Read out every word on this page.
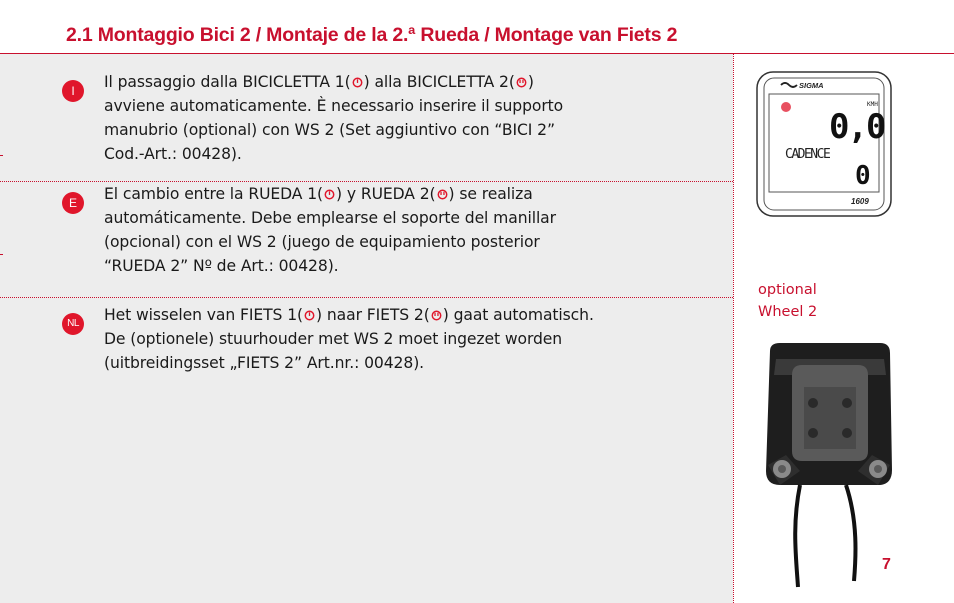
2.1 Montaggio Bici 2 / Montaje de la 2.ª Rueda / Montage van Fiets 2
I	Il passaggio dalla BICICLETTA 1( ) alla BICICLETTA 2( )
avviene automaticamente. È necessario inserire il supporto
manubrio (optional) con WS 2 (Set aggiuntivo con “BICI 2”
Cod.-Art.: 00428).

E	El cambio entre la RUEDA 1( ) y RUEDA 2( ) se realiza
automáticamente. Debe emplearse el soporte del manillar
(opcional) con el WS 2 (juego de equipamiento posterior
“RUEDA 2” Nº de Art.: 00428).

NL	Het wisselen van FIETS 1( ) naar FIETS 2( ) gaat automatisch.
De (optionele) stuurhouder met WS 2 moet ingezet worden
(uitbreidingsset „FIETS 2” Art.nr.: 00428).

SIGMA
KMH
0,0
CADENCE
0
1609
optional
Wheel 2
7
